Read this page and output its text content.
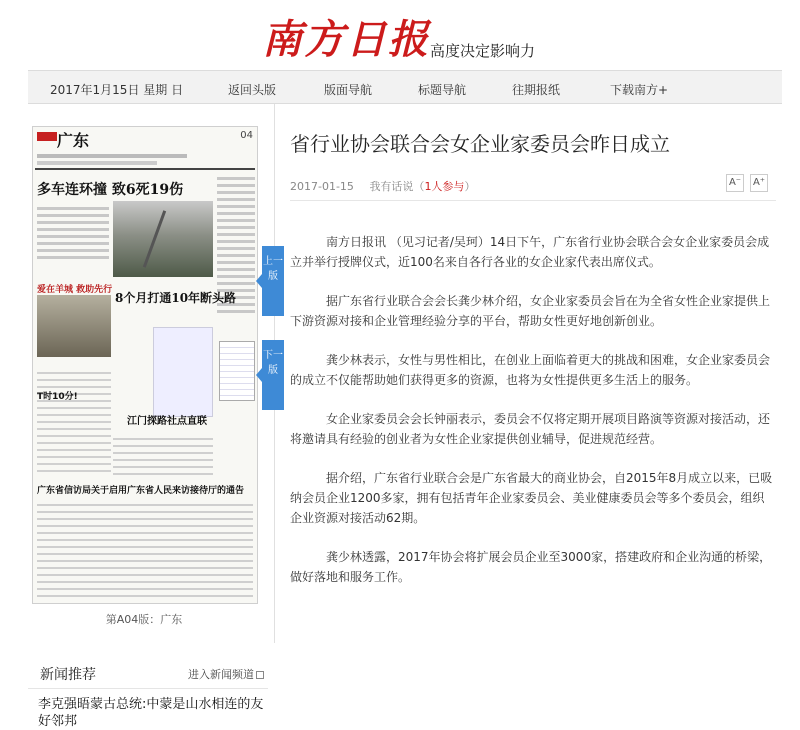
南方日报 高度决定影响力
2017年1月15日 星期 日	返回头版	版面导航	标题导航	往期报纸	下载南方+
广东	04
多车连环撞 致6死19伤
爱在羊城 救助先行
8个月打通10年断头路
T时10分!
江门探路社点直联
广东省信访局关于启用广东省人民来访接待厅的通告
第A04版：广东
新闻推荐	进入新闻频道
李克强晤蒙古总统:中蒙是山水相连的友好邻邦
上一版
下一版
省行业协会联合会女企业家委员会昨日成立
2017-01-15 我有话说（1人参与）	A⁻ A⁺

南方日报讯 （见习记者/吴珂）14日下午，广东省行业协会联合会女企业家委员会成立并举行授牌仪式，近100名来自各行各业的女企业家代表出席仪式。

据广东省行业联合会会长龚少林介绍，女企业家委员会旨在为全省女性企业家提供上下游资源对接和企业管理经验分享的平台，帮助女性更好地创新创业。

龚少林表示，女性与男性相比，在创业上面临着更大的挑战和困难，女企业家委员会的成立不仅能帮助她们获得更多的资源，也将为女性提供更多生活上的服务。

女企业家委员会会长钟丽表示，委员会不仅将定期开展项目路演等资源对接活动，还将邀请具有经验的创业者为女性企业家提供创业辅导，促进规范经营。

据介绍，广东省行业联合会是广东省最大的商业协会，自2015年8月成立以来，已吸纳会员企业1200多家，拥有包括青年企业家委员会、美业健康委员会等多个委员会，组织企业资源对接活动62期。

龚少林透露，2017年协会将扩展会员企业至3000家，搭建政府和企业沟通的桥梁，做好落地和服务工作。
